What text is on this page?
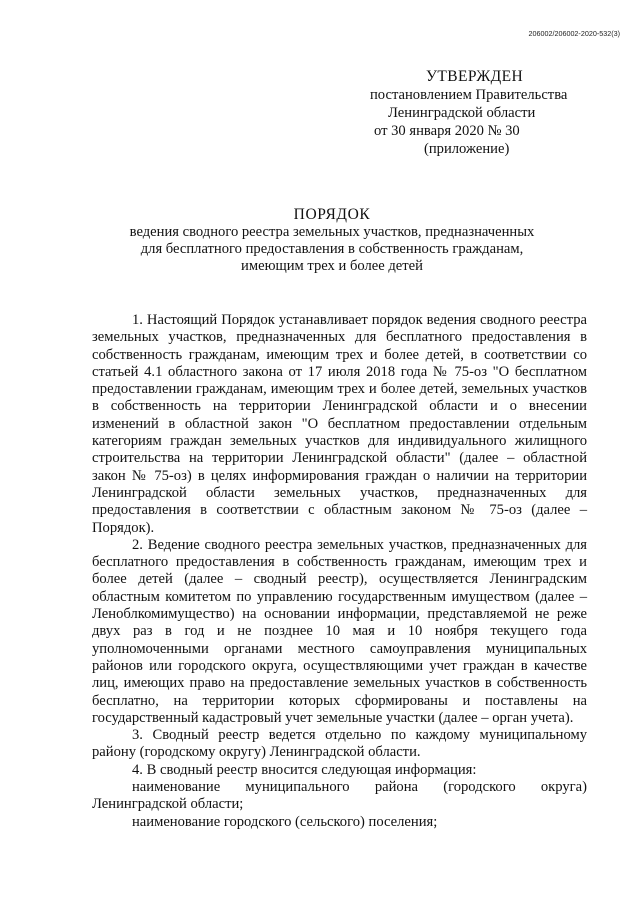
206002/206002-2020-532(3)
УТВЕРЖДЕН
постановлением Правительства
Ленинградской области
от 30 января 2020 № 30
(приложение)
ПОРЯДОК
ведения сводного реестра земельных участков, предназначенных
для бесплатного предоставления в собственность гражданам,
имеющим трех и более детей

1. Настоящий Порядок устанавливает порядок ведения сводного реестра земельных участков, предназначенных для бесплатного предоставления в собственность гражданам, имеющим трех и более детей, в соответствии со статьей 4.1 областного закона от 17 июля 2018 года № 75-оз "О бесплатном предоставлении гражданам, имеющим трех и более детей, земельных участков в собственность на территории Ленинградской области и о внесении изменений в областной закон "О бесплатном предоставлении отдельным категориям граждан земельных участков для индивидуального жилищного строительства на территории Ленинградской области" (далее – областной закон № 75-оз) в целях информирования граждан о наличии на территории Ленинградской области земельных участков, предназначенных для предоставления в соответствии с областным законом № 75-оз (далее – Порядок).

2. Ведение сводного реестра земельных участков, предназначенных для бесплатного предоставления в собственность гражданам, имеющим трех и более детей (далее – сводный реестр), осуществляется Ленинградским областным комитетом по управлению государственным имуществом (далее – Леноблкомимущество) на основании информации, представляемой не реже двух раз в год и не позднее 10 мая и 10 ноября текущего года уполномоченными органами местного самоуправления муниципальных районов или городского округа, осуществляющими учет граждан в качестве лиц, имеющих право на предоставление земельных участков в собственность бесплатно, на территории которых сформированы и поставлены на государственный кадастровый учет земельные участки (далее – орган учета).

3. Сводный реестр ведется отдельно по каждому муниципальному району (городскому округу) Ленинградской области.

4. В сводный реестр вносится следующая информация:

наименование муниципального района (городского округа) Ленинградской области;

наименование городского (сельского) поселения;
